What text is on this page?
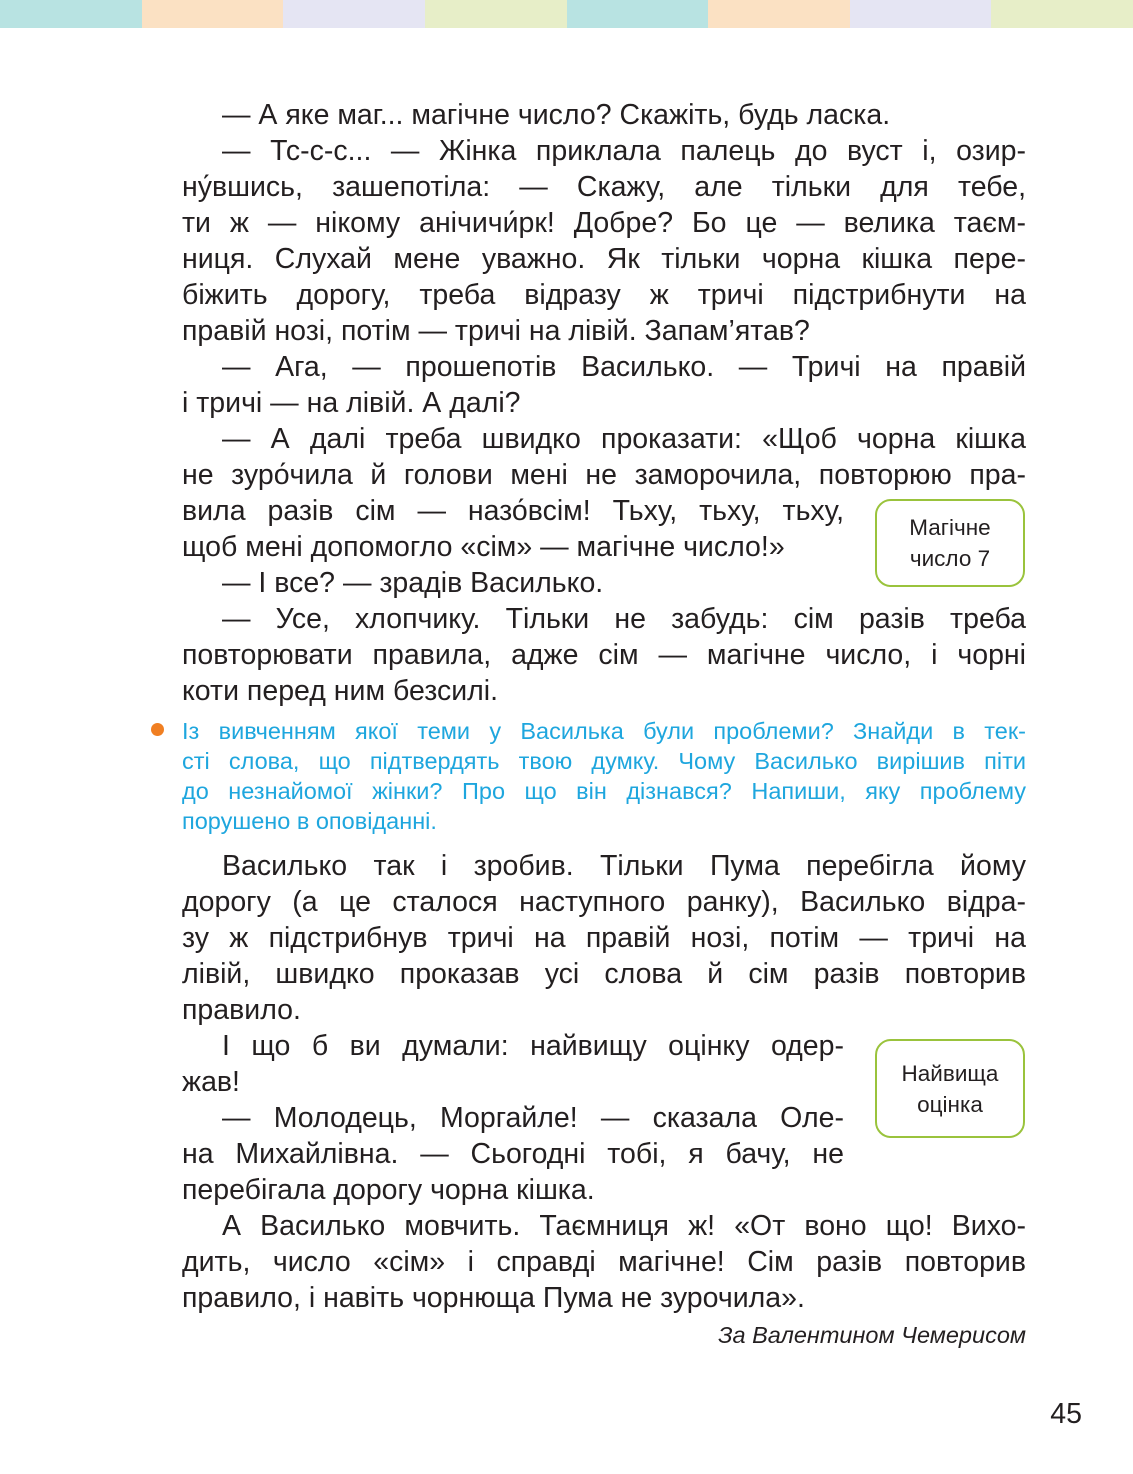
— А яке маг... магічне число? Скажіть, будь ласка.

— Тс-с-с... — Жінка приклала палець до вуст і, озир-

ну́вшись, зашепотіла: — Скажу, але тільки для тебе,

ти ж — нікому анічичи́рк! Добре? Бо це — велика таєм-

ниця. Слухай мене уважно. Як тільки чорна кішка пере-

біжить дорогу, треба відразу ж тричі підстрибнути на

правій нозі, потім — тричі на лівій. Запам’ятав?

— Ага, — прошепотів Василько. — Тричі на правій

і тричі — на лівій. А далі?

— А далі треба швидко проказати: «Щоб чорна кішка

не зуро́чила й голови мені не заморочила, повторюю пра-

вила разів сім — назо́всім! Тьху, тьху, тьху,

щоб мені допомогло «сім» — магічне число!»

— І все? — зрадів Василько.

— Усе, хлопчику. Тільки не забудь: сім разів треба

повторювати правила, адже сім — магічне число, і чорні

коти перед ним безсилі.

Магічне
число 7

Із вивченням якої теми у Василька були проблеми? Знайди в тек-

сті слова, що підтвердять твою думку. Чому Василько вирішив піти

до незнайомої жінки? Про що він дізнався? Напиши, яку проблему

порушено в оповіданні.

Василько так і зробив. Тільки Пума перебігла йому

дорогу (а це сталося наступного ранку), Василько відра-

зу ж підстрибнув тричі на правій нозі, потім — тричі на

лівій, швидко проказав усі слова й сім разів повторив

правило.

І що б ви думали: найвищу оцінку одер-

жав!

— Молодець, Моргайле! — сказала Оле-

на Михайлівна. — Сьогодні тобі, я бачу, не

перебігала дорогу чорна кішка.

А Василько мовчить. Таємниця ж! «От воно що! Вихо-

дить, число «сім» і справді магічне! Сім разів повторив

правило, і навіть чорнюща Пума не зурочила».

Найвища
оцінка
За Валентином Чемерисом
45
